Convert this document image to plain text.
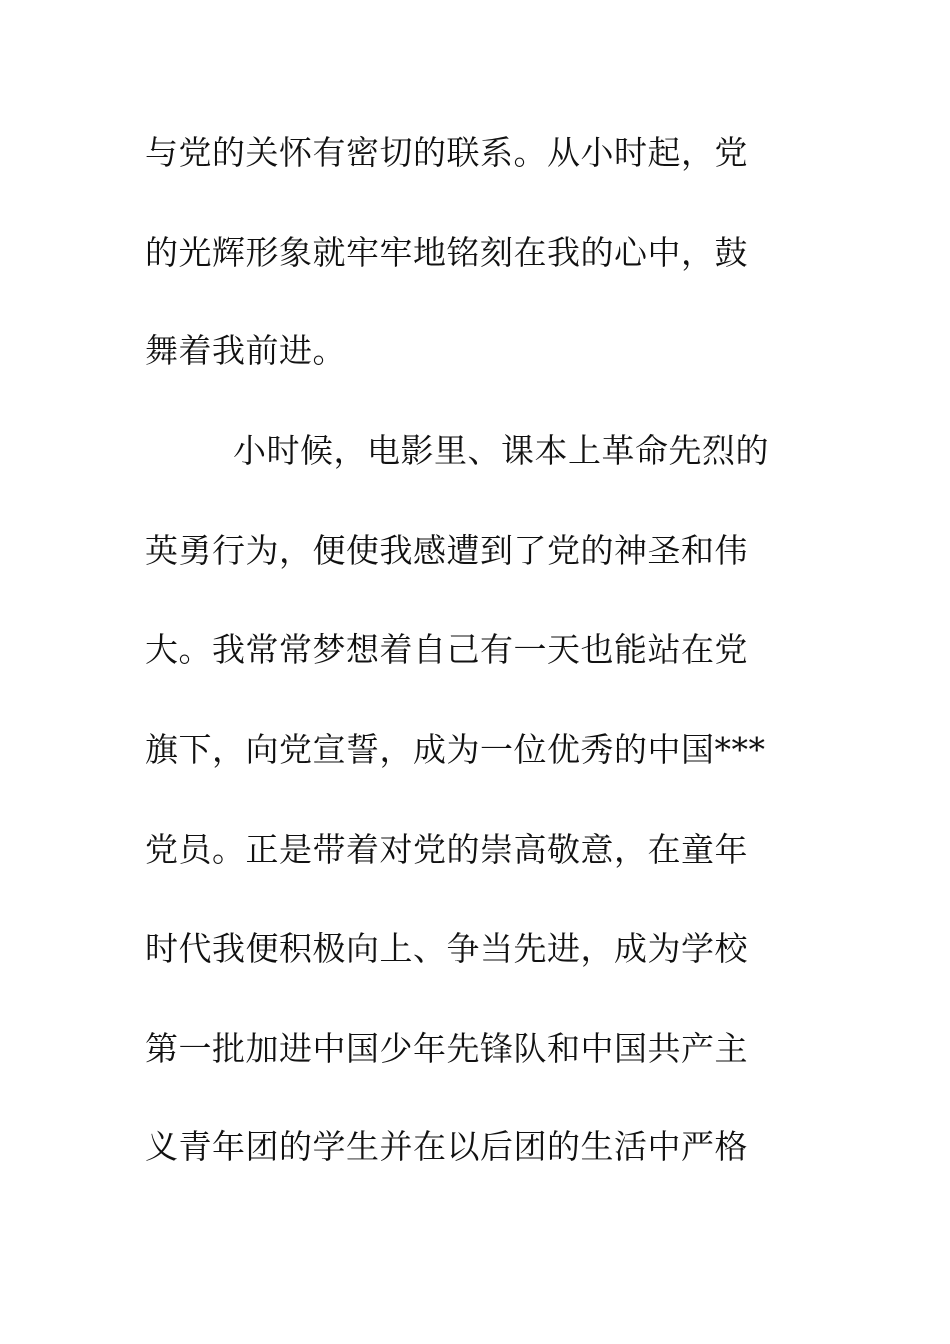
与党的关怀有密切的联系。从小时起，党
的光辉形象就牢牢地铭刻在我的心中，鼓
舞着我前进。
小时候，电影里、课本上革命先烈的
英勇行为，便使我感遭到了党的神圣和伟
大。我常常梦想着自己有一天也能站在党
旗下，向党宣誓，成为一位优秀的中国***
党员。正是带着对党的崇高敬意，在童年
时代我便积极向上、争当先进，成为学校
第一批加进中国少年先锋队和中国共产主
义青年团的学生并在以后团的生活中严格
